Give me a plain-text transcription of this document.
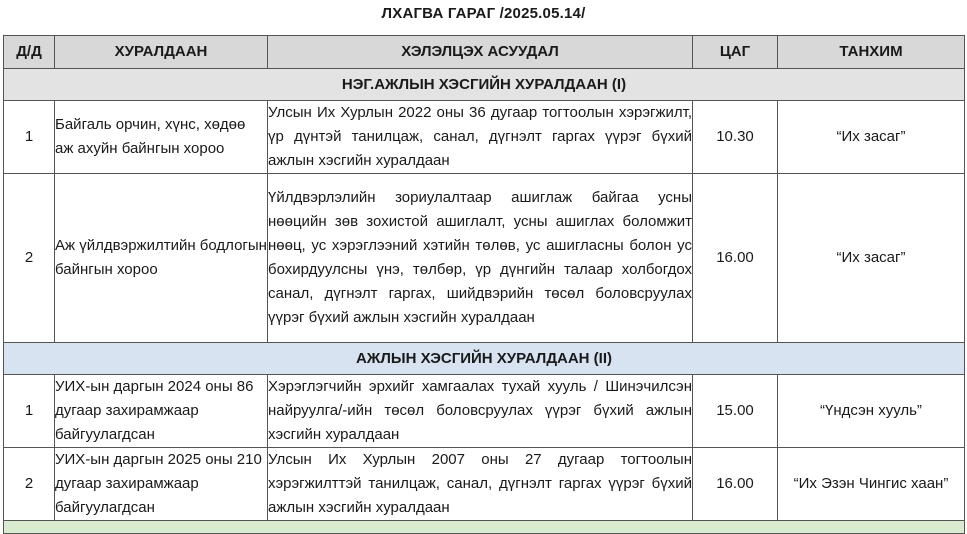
ЛХАГВА ГАРАГ /2025.05.14/
Д/Д	ХУРАЛДААН	ХЭЛЭЛЦЭХ АСУУДАЛ	ЦАГ	ТАНХИМ
НЭГ.АЖЛЫН ХЭСГИЙН ХУРАЛДААН (I)				
1	Байгаль орчин, хүнс, хөдөө аж ахуйн байнгын хороо	Улсын Их Хурлын 2022 оны 36 дугаар тогтоолын хэрэгжилт, үр дүнтэй танилцаж, санал, дүгнэлт гаргах үүрэг бүхий ажлын хэсгийн хуралдаан	10.30	“Их засаг”
2	Аж үйлдвэржилтийн бодлогын байнгын хороо	Үйлдвэрлэлийн зориулалтаар ашиглаж байгаа усны нөөцийн зөв зохистой ашиглалт, усны ашиглах боломжит нөөц, ус хэрэглээний хэтийн төлөв, ус ашигласны болон ус бохирдуулсны үнэ, төлбөр, үр дүнгийн талаар холбогдох санал, дүгнэлт гаргах, шийдвэрийн төсөл боловсруулах үүрэг бүхий ажлын хэсгийн хуралдаан	16.00	“Их засаг”
АЖЛЫН ХЭСГИЙН ХУРАЛДААН (II)				
1	УИХ-ын даргын 2024 оны 86 дугаар захирамжаар байгуулагдсан	Хэрэглэгчийн эрхийг хамгаалах тухай хууль / Шинэчилсэн найруулга/-ийн төсөл боловсруулах үүрэг бүхий ажлын хэсгийн хуралдаан	15.00	“Үндсэн хууль”
2	УИХ-ын даргын 2025 оны 210 дугаар захирамжаар байгуулагдсан	Улсын Их Хурлын 2007 оны 27 дугаар тогтоолын хэрэгжилттэй танилцаж, санал, дүгнэлт гаргах үүрэг бүхий ажлын хэсгийн хуралдаан	16.00	“Их Эзэн Чингис хаан”
